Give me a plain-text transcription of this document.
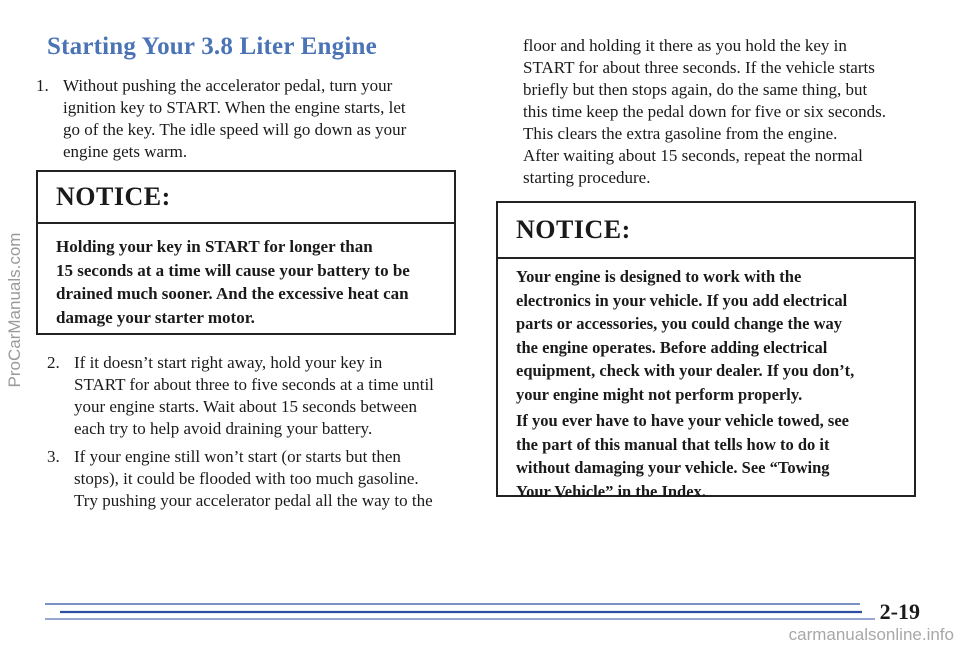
ProCarManuals.com
Starting Your 3.8 Liter Engine
1. Without pushing the accelerator pedal, turn your
ignition key to START. When the engine starts, let
go of the key. The idle speed will go down as your
engine gets warm.
NOTICE:

Holding your key in START for longer than

15 seconds at a time will cause your battery to be

drained much sooner. And the excessive heat can

damage your starter motor.

2. If it doesn’t start right away, hold your key in
START for about three to five seconds at a time until
your engine starts. Wait about 15 seconds between
each try to help avoid draining your battery.
3. If your engine still won’t start (or starts but then
stops), it could be flooded with too much gasoline.
Try pushing your accelerator pedal all the way to the
floor and holding it there as you hold the key in
START for about three seconds. If the vehicle starts
briefly but then stops again, do the same thing, but
this time keep the pedal down for five or six seconds.
This clears the extra gasoline from the engine.
After waiting about 15 seconds, repeat the normal
starting procedure.
NOTICE:

Your engine is designed to work with the

electronics in your vehicle. If you add electrical

parts or accessories, you could change the way

the engine operates. Before adding electrical

equipment, check with your dealer. If you don’t,

your engine might not perform properly.

If you ever have to have your vehicle towed, see

the part of this manual that tells how to do it

without damaging your vehicle. See “Towing

Your Vehicle” in the Index.

2-19
carmanualsonline.info
